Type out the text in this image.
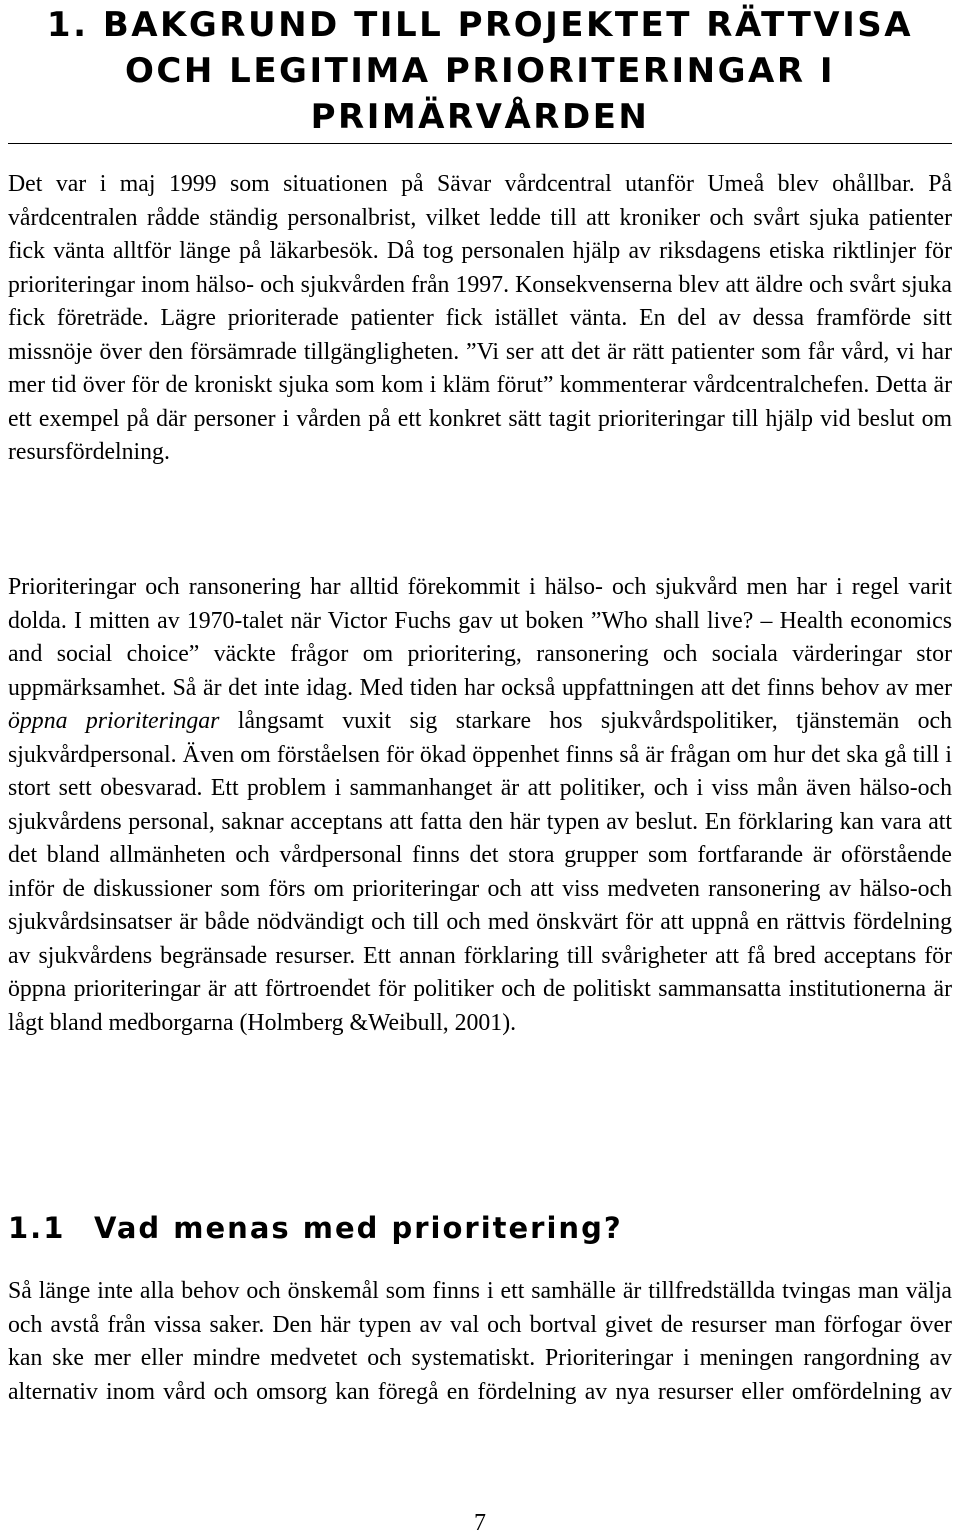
1. BAKGRUND TILL PROJEKTET RÄTTVISA
OCH LEGITIMA PRIORITERINGAR I
PRIMÄRVÅRDEN

Det var i maj 1999 som situationen på Sävar vårdcentral utanför Umeå blev ohållbar. På vårdcentralen rådde ständig personalbrist, vilket ledde till att kroniker och svårt sjuka patienter fick vänta alltför länge på läkarbesök. Då tog personalen hjälp av riksdagens etiska riktlinjer för prioriteringar inom hälso- och sjukvården från 1997. Konsekvenserna blev att äldre och svårt sjuka fick företräde. Lägre prioriterade patienter fick istället vänta. En del av dessa framförde sitt missnöje över den försämrade tillgängligheten. ”Vi ser att det är rätt patienter som får vård, vi har mer tid över för de kroniskt sjuka som kom i kläm förut” kommenterar vårdcentralchefen. Detta är ett exempel på där personer i vården på ett konkret sätt tagit prioriteringar till hjälp vid beslut om resursfördelning.

Prioriteringar och ransonering har alltid förekommit i hälso- och sjukvård men har i regel varit dolda. I mitten av 1970-talet när Victor Fuchs gav ut boken ”Who shall live? – Health economics and social choice” väckte frågor om prioritering, ransonering och sociala värderingar stor uppmärksamhet. Så är det inte idag. Med tiden har också uppfattningen att det finns behov av mer öppna prioriteringar långsamt vuxit sig starkare hos sjukvårdspolitiker, tjänstemän och sjukvårdpersonal. Även om förståelsen för ökad öppenhet finns så är frågan om hur det ska gå till i stort sett obesvarad. Ett problem i sammanhanget är att politiker, och i viss mån även hälso-och sjukvårdens personal, saknar acceptans att fatta den här typen av beslut. En förklaring kan vara att det bland allmänheten och vårdpersonal finns det stora grupper som fortfarande är oförstående inför de diskussioner som förs om prioriteringar och att viss medveten ransonering av hälso-och sjukvårdsinsatser är både nödvändigt och till och med önskvärt för att uppnå en rättvis fördelning av sjukvårdens begränsade resurser. Ett annan förklaring till svårigheter att få bred acceptans för öppna prioriteringar är att förtroendet för politiker och de politiskt sammansatta institutionerna är lågt bland medborgarna (Holmberg &Weibull, 2001).

1.1 Vad menas med prioritering?

Så länge inte alla behov och önskemål som finns i ett samhälle är tillfredställda tvingas man välja och avstå från vissa saker. Den här typen av val och bortval givet de resurser man förfogar över kan ske mer eller mindre medvetet och systematiskt. Prioriteringar i meningen rangordning av alternativ inom vård och omsorg kan föregå en fördelning av nya resurser eller omfördelning av

7
